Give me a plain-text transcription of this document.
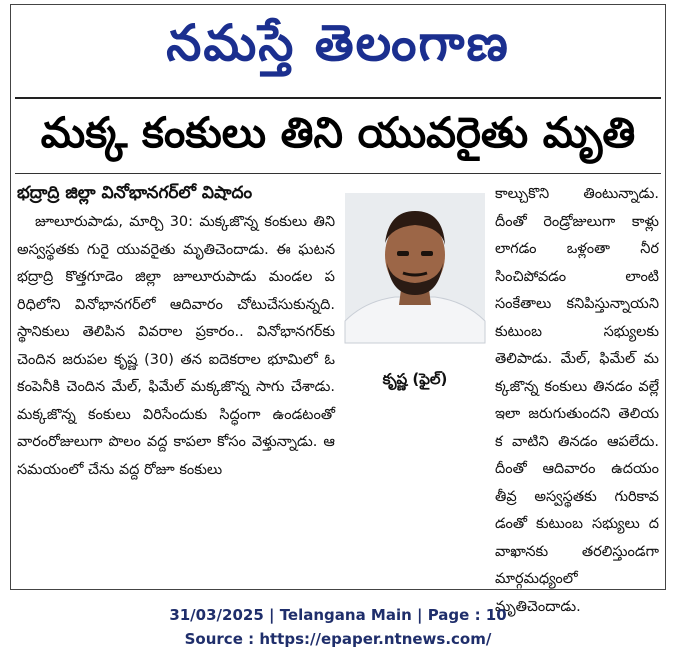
నమస్తే తెలంగాణ
మక్క కంకులు తిని యువరైతు మృతి
భద్రాద్రి జిల్లా వినోభానగర్‌లో విషాదం
జూలూరుపాడు, మార్చి 30: మక్కజొన్న కంకులు తిని అస్వస్థతకు గురై యువరైతు మృతిచెందాడు. ఈ ఘటన భద్రాద్రి కొత్తగూడెం జిల్లా జూలూరుపాడు మండల పరిధిలోని వినోభానగర్‌లో ఆదివారం చోటుచేసుకున్నది. స్థానికులు తెలిపిన వివరాల ప్రకారం.. వినోభానగర్‌కు చెందిన జరుపల కృష్ణ (30) తన ఐదెకరాల భూమిలో ఓ కంపెనీకి చెందిన మేల్, ఫిమేల్ మక్కజొన్న సాగు చేశాడు. మక్కజొన్న కంకులు విరిసేందుకు సిద్ధంగా ఉండటంతో వారంరోజులుగా పొలం వద్ద కాపలా కోసం వెళ్తున్నాడు. ఆ సమయంలో చేను వద్ద రోజూ కంకులు
కృష్ణ (ఫైల్)
కాల్చుకొని తింటున్నాడు. దీంతో రెండ్రోజులుగా కాళ్లు లాగడం ఒళ్లంతా నీరసించిపోవడం లాంటి సంకేతాలు కనిపిస్తున్నాయని కుటుంబ సభ్యులకు తెలిపాడు. మేల్, ఫిమేల్ మక్కజొన్న కంకులు తినడం వల్లే ఇలా జరుగుతుందని తెలియక వాటిని తినడం ఆపలేదు. దీంతో ఆదివారం ఉదయం తీవ్ర అస్వస్థతకు గురికావడంతో కుటుంబ సభ్యులు దవాఖానకు తరలిస్తుండగా మార్గమధ్యంలో మృతిచెందాడు.
31/03/2025 | Telangana Main | Page : 10
Source : https://epaper.ntnews.com/
